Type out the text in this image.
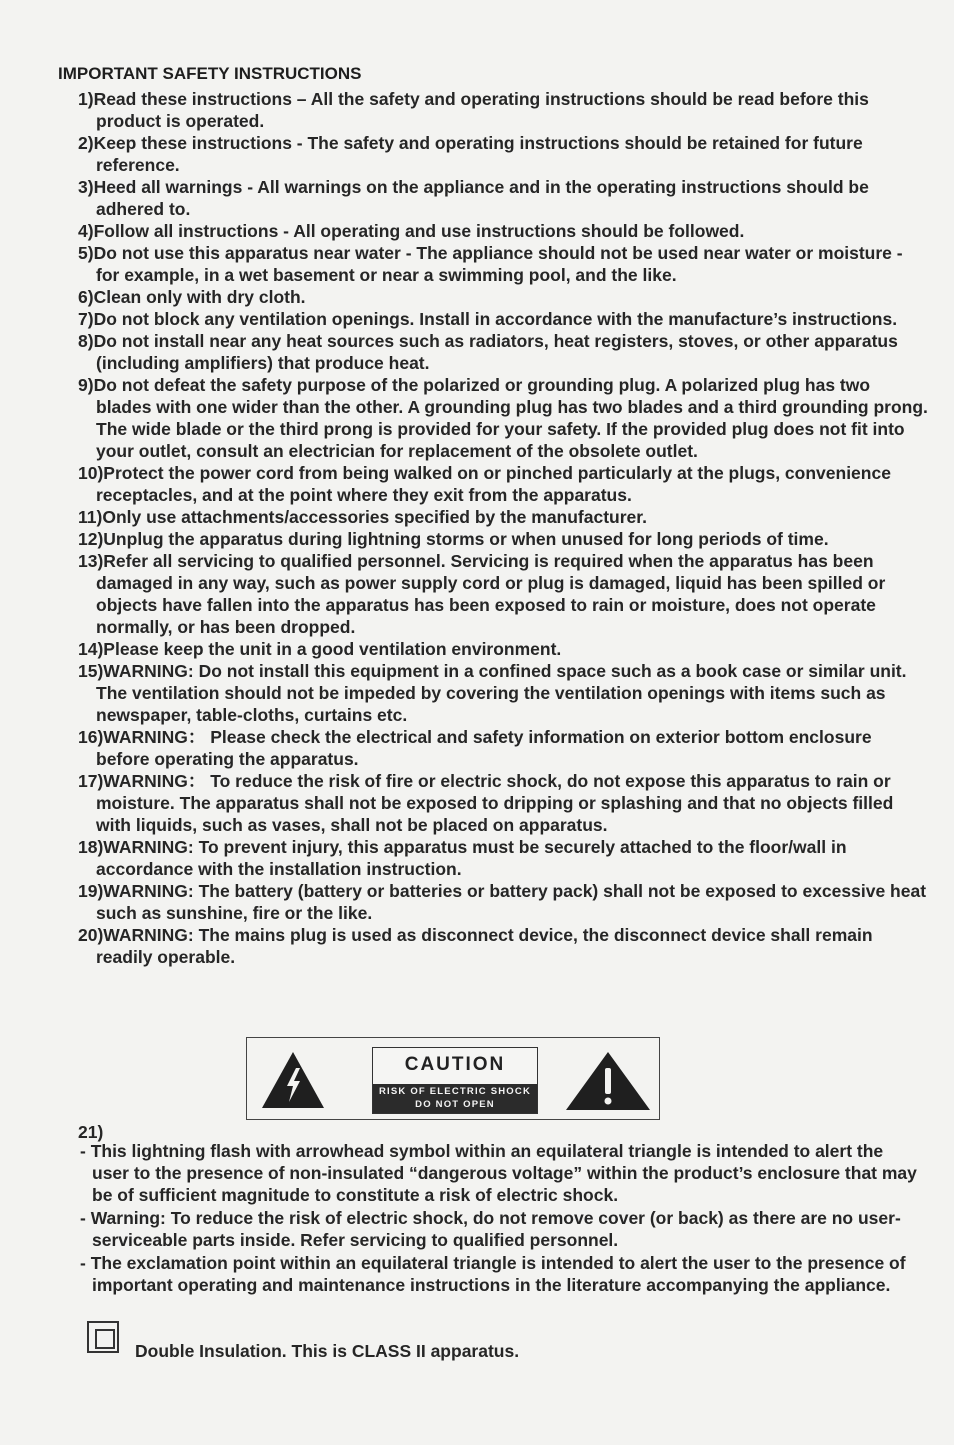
IMPORTANT SAFETY INSTRUCTIONS
1)Read these instructions – All the safety and operating instructions should be read before this product is operated.
2)Keep these instructions - The safety and operating instructions should be retained for future reference.
3)Heed all warnings - All warnings on the appliance and in the operating instructions should be adhered to.
4)Follow all instructions - All operating and use instructions should be followed.
5)Do not use this apparatus near water - The appliance should not be used near water or moisture - for example, in a wet basement or near a swimming pool, and the like.
6)Clean only with dry cloth.
7)Do not block any ventilation openings. Install in accordance with the manufacture’s instructions.
8)Do not install near any heat sources such as radiators, heat registers, stoves, or other apparatus (including amplifiers) that produce heat.
9)Do not defeat the safety purpose of the polarized or grounding plug. A polarized plug has two blades with one wider than the other. A grounding plug has two blades and a third grounding prong. The wide blade or the third prong is provided for your safety. If the provided plug does not fit into your outlet, consult an electrician for replacement of the obsolete outlet.
10)Protect the power cord from being walked on or pinched particularly at the plugs, convenience receptacles, and at the point where they exit from the apparatus.
11)Only use attachments/accessories specified by the manufacturer.
12)Unplug the apparatus during lightning storms or when unused for long periods of time.
13)Refer all servicing to qualified personnel. Servicing is required when the apparatus has been damaged in any way, such as power supply cord or plug is damaged, liquid has been spilled or objects have fallen into the apparatus has been exposed to rain or moisture, does not operate normally, or has been dropped.
14)Please keep the unit in a good ventilation environment.
15)WARNING: Do not install this equipment in a confined space such as a book case or similar unit. The ventilation should not be impeded by covering the ventilation openings with items such as newspaper, table-cloths, curtains etc.
16)WARNING： Please check the electrical and safety information on exterior bottom enclosure before operating the apparatus.
17)WARNING： To reduce the risk of fire or electric shock, do not expose this apparatus to rain or moisture. The apparatus shall not be exposed to dripping or splashing and that no objects filled with liquids, such as vases, shall not be placed on apparatus.
18)WARNING: To prevent injury, this apparatus must be securely attached to the floor/wall in accordance with the installation instruction.
19)WARNING: The battery (battery or batteries or battery pack) shall not be exposed to excessive heat such as sunshine, fire or the like.
20)WARNING: The mains plug is used as disconnect device, the disconnect device shall remain readily operable.
CAUTION
RISK OF ELECTRIC SHOCK
DO NOT OPEN
21)
- This lightning flash with arrowhead symbol within an equilateral triangle is intended to alert the user to the presence of non-insulated “dangerous voltage” within the product’s enclosure that may be of sufficient magnitude to constitute a risk of electric shock.
- Warning: To reduce the risk of electric shock, do not remove cover (or back) as there are no user-serviceable parts inside. Refer servicing to qualified personnel.
- The exclamation point within an equilateral triangle is intended to alert the user to the presence of important operating and maintenance instructions in the literature accompanying the appliance.
Double Insulation. This is CLASS II apparatus.
